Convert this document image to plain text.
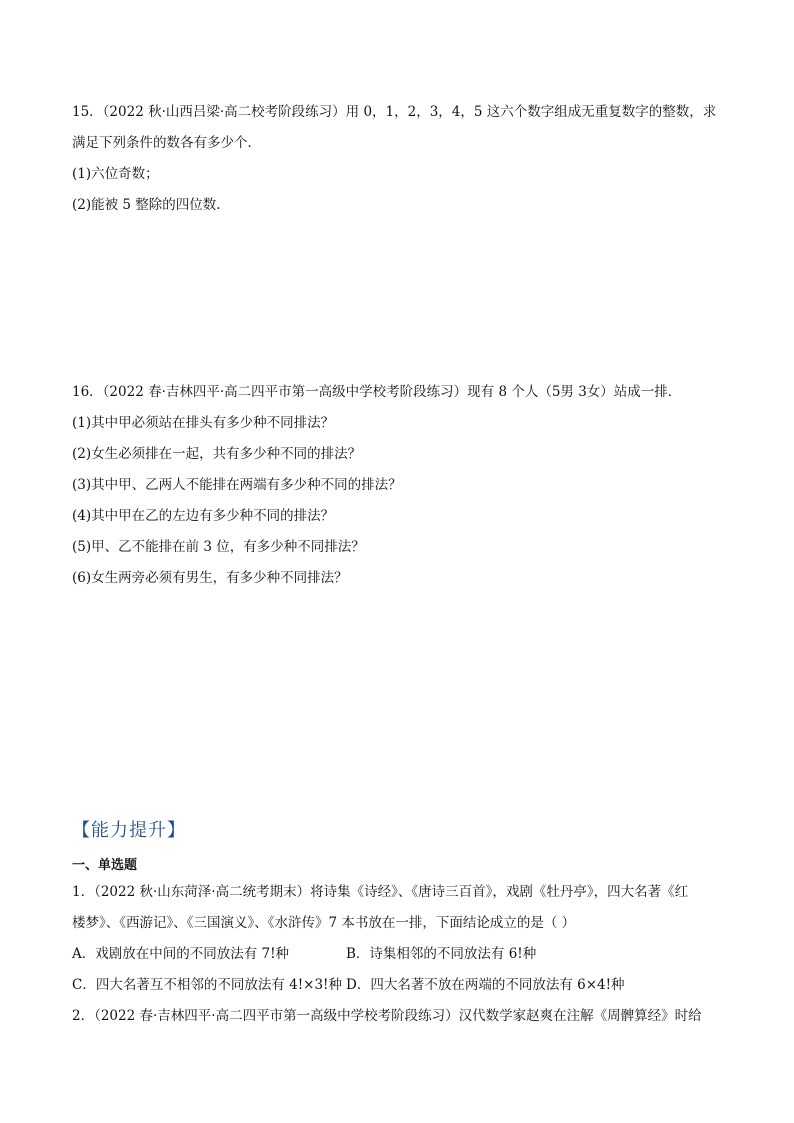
15．（2022 秋·山西吕梁·高二校考阶段练习）用 0，1，2，3，4，5 这六个数字组成无重复数字的整数，求
满足下列条件的数各有多少个．
(1)六位奇数；
(2)能被 5 整除的四位数.
16．（2022 春·吉林四平·高二四平市第一高级中学校考阶段练习）现有 8 个人（5男 3女）站成一排．
(1)其中甲必须站在排头有多少种不同排法？
(2)女生必须排在一起，共有多少种不同的排法？
(3)其中甲、乙两人不能排在两端有多少种不同的排法？
(4)其中甲在乙的左边有多少种不同的排法？
(5)甲、乙不能排在前 3 位，有多少种不同排法？
(6)女生两旁必须有男生，有多少种不同排法？
【能力提升】
一、单选题
1．（2022 秋·山东菏泽·高二统考期末）将诗集《诗经》、《唐诗三百首》，戏剧《牡丹亭》，四大名著《红
楼梦》、《西游记》、《三国演义》、《水浒传》7 本书放在一排，下面结论成立的是（ ）
A．戏剧放在中间的不同放法有 7!种	B．诗集相邻的不同放法有 6!种
C．四大名著互不相邻的不同放法有 4!×3!种 D．四大名著不放在两端的不同放法有 6×4!种
2．（2022 春·吉林四平·高二四平市第一高级中学校考阶段练习）汉代数学家赵爽在注解《周髀算经》时给
